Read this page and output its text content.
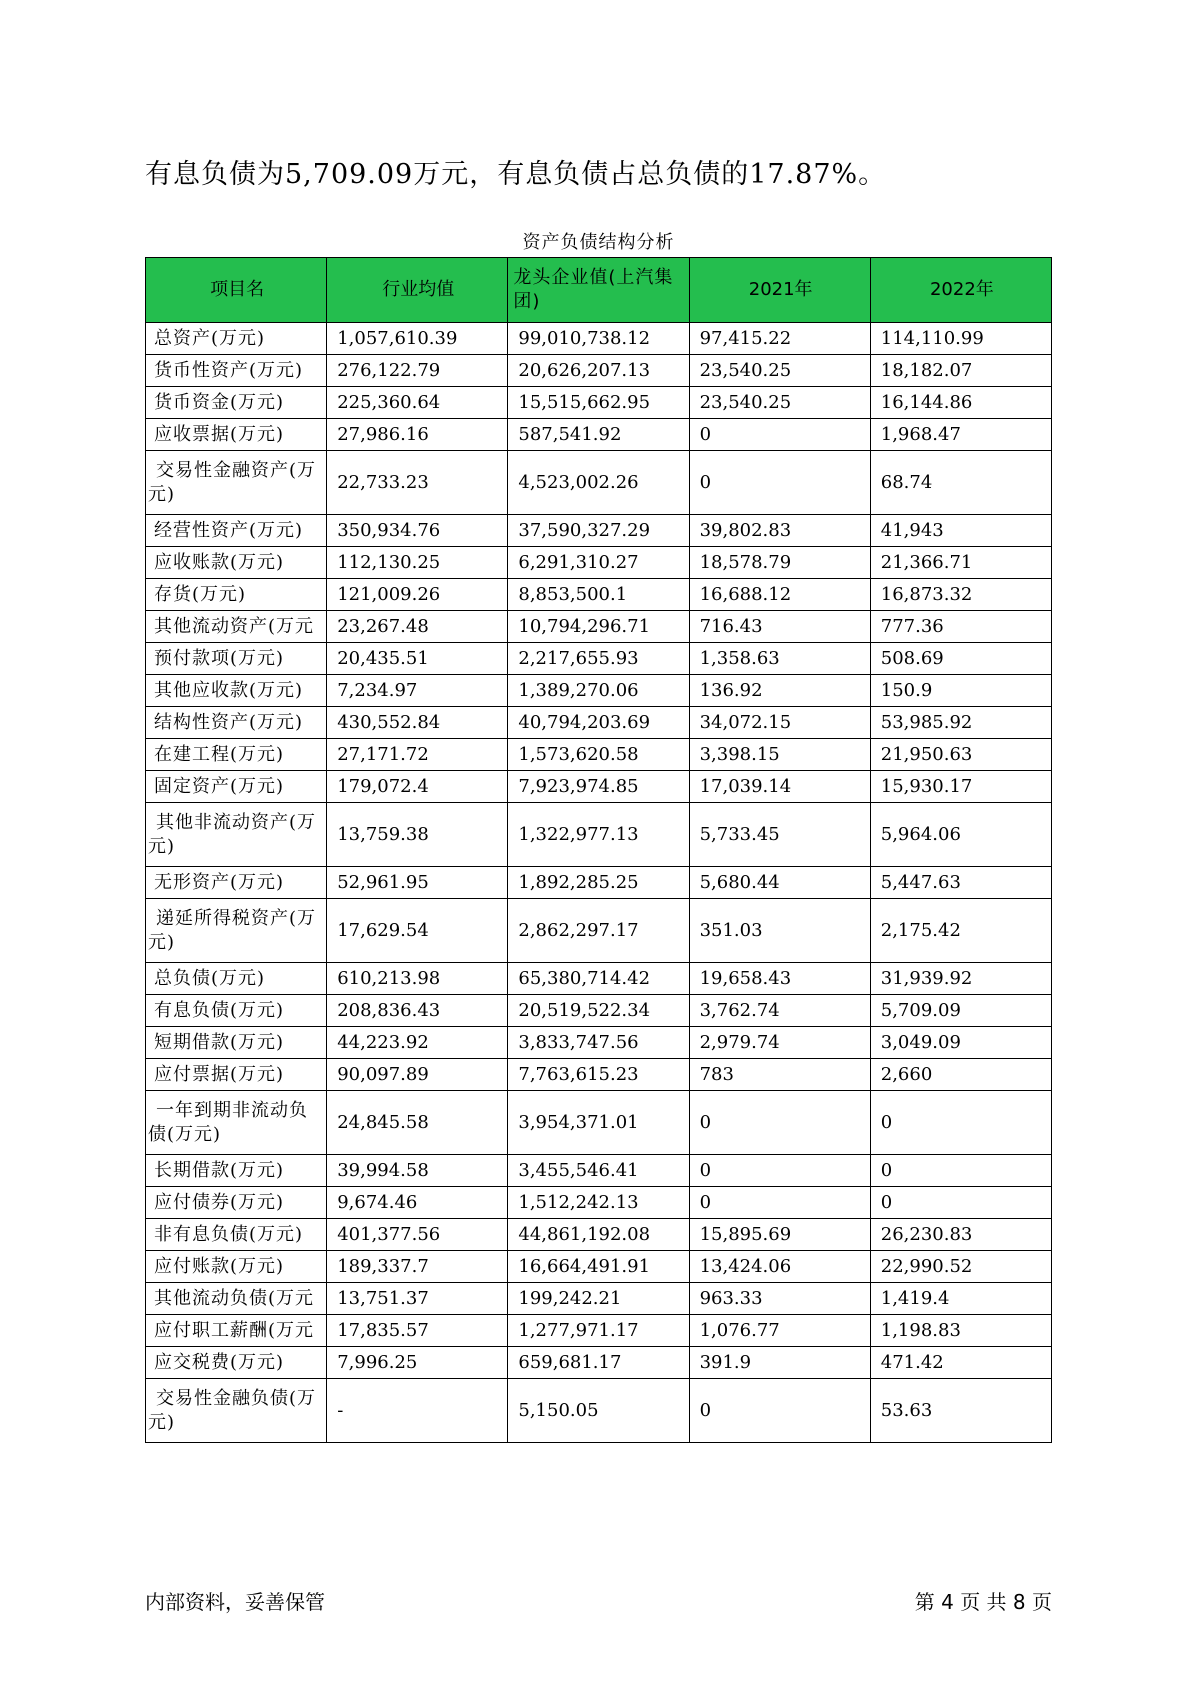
有息负债为5,709.09万元，有息负债占总负债的17.87%。
资产负债结构分析
项目名	行业均值	龙头企业值(上汽集团)	2021年	2022年
总资产(万元)	1,057,610.39	99,010,738.12	97,415.22	114,110.99
货币性资产(万元)	276,122.79	20,626,207.13	23,540.25	18,182.07
货币资金(万元)	225,360.64	15,515,662.95	23,540.25	16,144.86
应收票据(万元)	27,986.16	587,541.92	0	1,968.47
交易性金融资产(万元)	22,733.23	4,523,002.26	0	68.74
经营性资产(万元)	350,934.76	37,590,327.29	39,802.83	41,943
应收账款(万元)	112,130.25	6,291,310.27	18,578.79	21,366.71
存货(万元)	121,009.26	8,853,500.1	16,688.12	16,873.32
其他流动资产(万元	23,267.48	10,794,296.71	716.43	777.36
预付款项(万元)	20,435.51	2,217,655.93	1,358.63	508.69
其他应收款(万元)	7,234.97	1,389,270.06	136.92	150.9
结构性资产(万元)	430,552.84	40,794,203.69	34,072.15	53,985.92
在建工程(万元)	27,171.72	1,573,620.58	3,398.15	21,950.63
固定资产(万元)	179,072.4	7,923,974.85	17,039.14	15,930.17
其他非流动资产(万元)	13,759.38	1,322,977.13	5,733.45	5,964.06
无形资产(万元)	52,961.95	1,892,285.25	5,680.44	5,447.63
递延所得税资产(万元)	17,629.54	2,862,297.17	351.03	2,175.42
总负债(万元)	610,213.98	65,380,714.42	19,658.43	31,939.92
有息负债(万元)	208,836.43	20,519,522.34	3,762.74	5,709.09
短期借款(万元)	44,223.92	3,833,747.56	2,979.74	3,049.09
应付票据(万元)	90,097.89	7,763,615.23	783	2,660
一年到期非流动负债(万元)	24,845.58	3,954,371.01	0	0
长期借款(万元)	39,994.58	3,455,546.41	0	0
应付债券(万元)	9,674.46	1,512,242.13	0	0
非有息负债(万元)	401,377.56	44,861,192.08	15,895.69	26,230.83
应付账款(万元)	189,337.7	16,664,491.91	13,424.06	22,990.52
其他流动负债(万元	13,751.37	199,242.21	963.33	1,419.4
应付职工薪酬(万元	17,835.57	1,277,971.17	1,076.77	1,198.83
应交税费(万元)	7,996.25	659,681.17	391.9	471.42
交易性金融负债(万元)	-	5,150.05	0	53.63
内部资料，妥善保管	第 4 页 共 8 页
